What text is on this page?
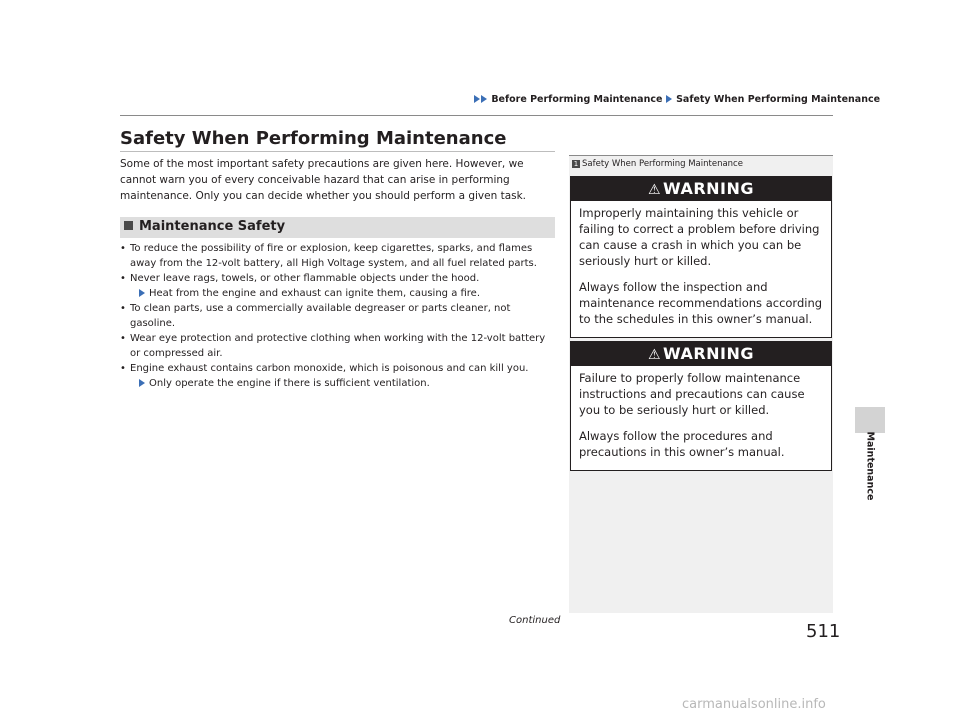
Before Performing Maintenance Safety When Performing Maintenance
Safety When Performing Maintenance

Some of the most important safety precautions are given here. However, we cannot warn you of every conceivable hazard that can arise in performing maintenance. Only you can decide whether you should perform a given task.

Maintenance Safety
• To reduce the possibility of fire or explosion, keep cigarettes, sparks, and flames away from the 12-volt battery, all High Voltage system, and all fuel related parts.
• Never leave rags, towels, or other flammable objects under the hood.
Heat from the engine and exhaust can ignite them, causing a fire.
• To clean parts, use a commercially available degreaser or parts cleaner, not gasoline.
• Wear eye protection and protective clothing when working with the 12-volt battery or compressed air.
• Engine exhaust contains carbon monoxide, which is poisonous and can kill you.
Only operate the engine if there is sufficient ventilation.
1 Safety When Performing Maintenance
⚠ WARNING

Improperly maintaining this vehicle or failing to correct a problem before driving can cause a crash in which you can be seriously hurt or killed.

Always follow the inspection and maintenance recommendations according to the schedules in this owner’s manual.

⚠ WARNING

Failure to properly follow maintenance instructions and precautions can cause you to be seriously hurt or killed.

Always follow the procedures and precautions in this owner’s manual.	Maintenance
Continued
511
carmanualsonline.info
